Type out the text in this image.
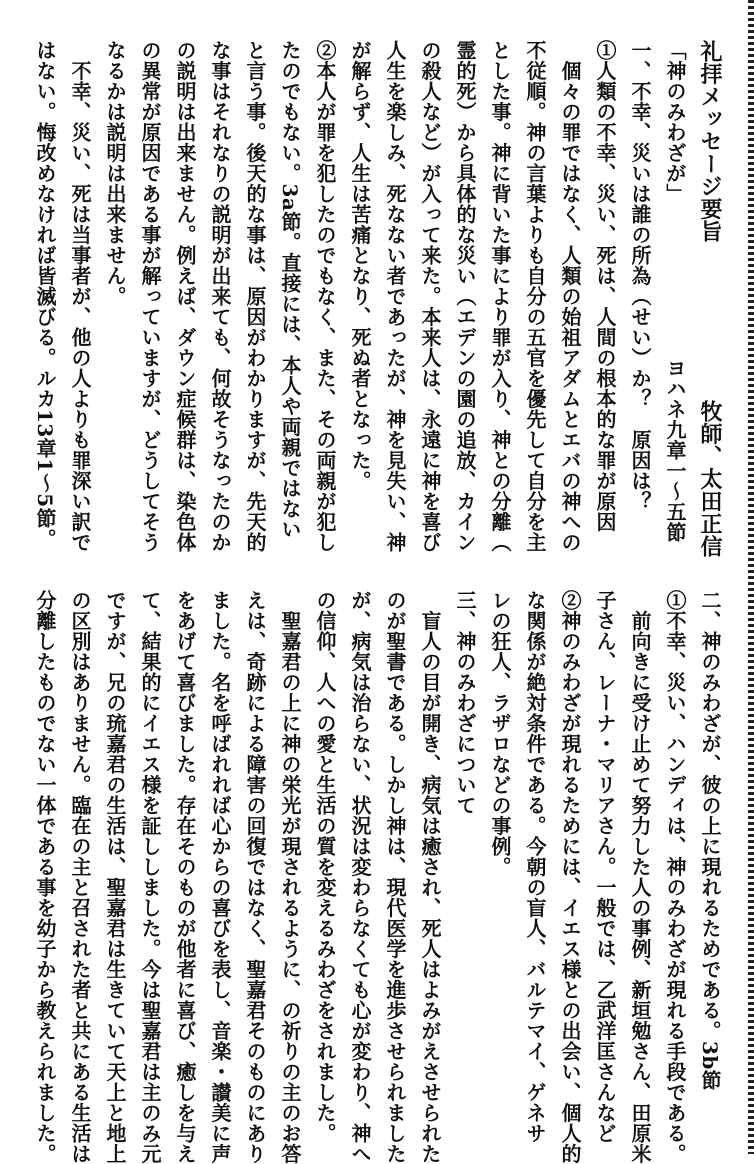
礼拝メッセージ要旨　　　　　　　牧師、太田正信
「神のみわざが」　　　　　　　　ヨハネ九章一～五節
一、不幸、災いは誰の所為（せい）か？　原因は？
①人類の不幸、災い、死は、人間の根本的な罪が原因
　個々の罪ではなく、人類の始祖アダムとエバの神への
不従順。神の言葉よりも自分の五官を優先して自分を主
とした事。神に背いた事により罪が入り、神との分離（
霊的死）から具体的な災い（エデンの園の追放、カイン
の殺人など）が入って来た。本来人は、永遠に神を喜び
人生を楽しみ、死なない者であったが、神を見失い、神
が解らず、人生は苦痛となり、死ぬ者となった。
②本人が罪を犯したのでもなく、また、その両親が犯し
たのでもない。3a節。直接には、本人や両親ではない
と言う事。後天的な事は、原因がわかりますが、先天的
な事はそれなりの説明が出来ても、何故そうなったのか
の説明は出来ません。例えば、ダウン症候群は、染色体
の異常が原因である事が解っていますが、どうしてそう
なるかは説明は出来ません。
　不幸、災い、死は当事者が、他の人よりも罪深い訳で
はない。悔改めなければ皆滅びる。ルカ13章1～5節。
二、神のみわざが、彼の上に現れるためである。3b節
①不幸、災い、ハンディは、神のみわざが現れる手段である。
　前向きに受け止めて努力した人の事例、新垣勉さん、田原米
子さん、レーナ・マリアさん。一般では、乙武洋匡さんなど
②神のみわざが現れるためには、イエス様との出会い、個人的
な関係が絶対条件である。今朝の盲人、バルテマイ、ゲネサ
レの狂人、ラザロなどの事例。
三、神のみわざについて
　盲人の目が開き、病気は癒され、死人はよみがえさせられた
のが聖書である。しかし神は、現代医学を進歩させられました
が、病気は治らない、状況は変わらなくても心が変わり、神へ
の信仰、人への愛と生活の質を変えるみわざをされました。
　聖嘉君の上に神の栄光が現されるように、の祈りの主のお答
えは、奇跡による障害の回復ではなく、聖嘉君そのものにあり
ました。名を呼ばれれば心からの喜びを表し、音楽・讃美に声
をあげて喜びました。存在そのものが他者に喜び、癒しを与え
て、結果的にイエス様を証ししました。今は聖嘉君は主のみ元
ですが、兄の琉嘉君の生活は、聖嘉君は生きていて天上と地上
の区別はありません。臨在の主と召された者と共にある生活は
分離したものでない一体である事を幼子から教えられました。
